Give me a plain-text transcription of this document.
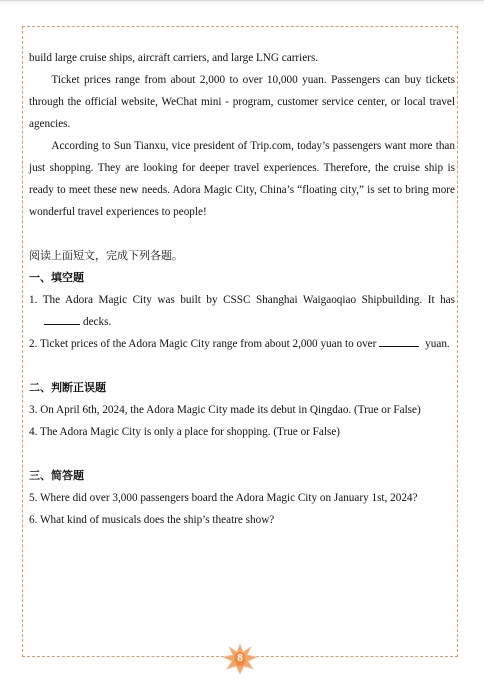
build large cruise ships, aircraft carriers, and large LNG carriers.

Ticket prices range from about 2,000 to over 10,000 yuan. Passengers can buy tickets through the official website, WeChat mini - program, customer service center, or local travel agencies.

According to Sun Tianxu, vice president of Trip.com, today’s passengers want more than just shopping. They are looking for deeper travel experiences. Therefore, the cruise ship is ready to meet these new needs. Adora Magic City, China’s “floating city,” is set to bring more wonderful travel experiences to people!

阅读上面短文，完成下列各题。

一、填空题

1. The Adora Magic City was built by CSSC Shanghai Waigaoqiao Shipbuilding. It hasdecks.

2. Ticket prices of the Adora Magic City range from about 2,000 yuan to over	yuan.

二、判断正误题

3. On April 6th, 2024, the Adora Magic City made its debut in Qingdao. (True or False)

4. The Adora Magic City is only a place for shopping. (True or False)

三、简答题

5. Where did over 3,000 passengers board the Adora Magic City on January 1st, 2024?

6. What kind of musicals does the ship’s theatre show?

8
